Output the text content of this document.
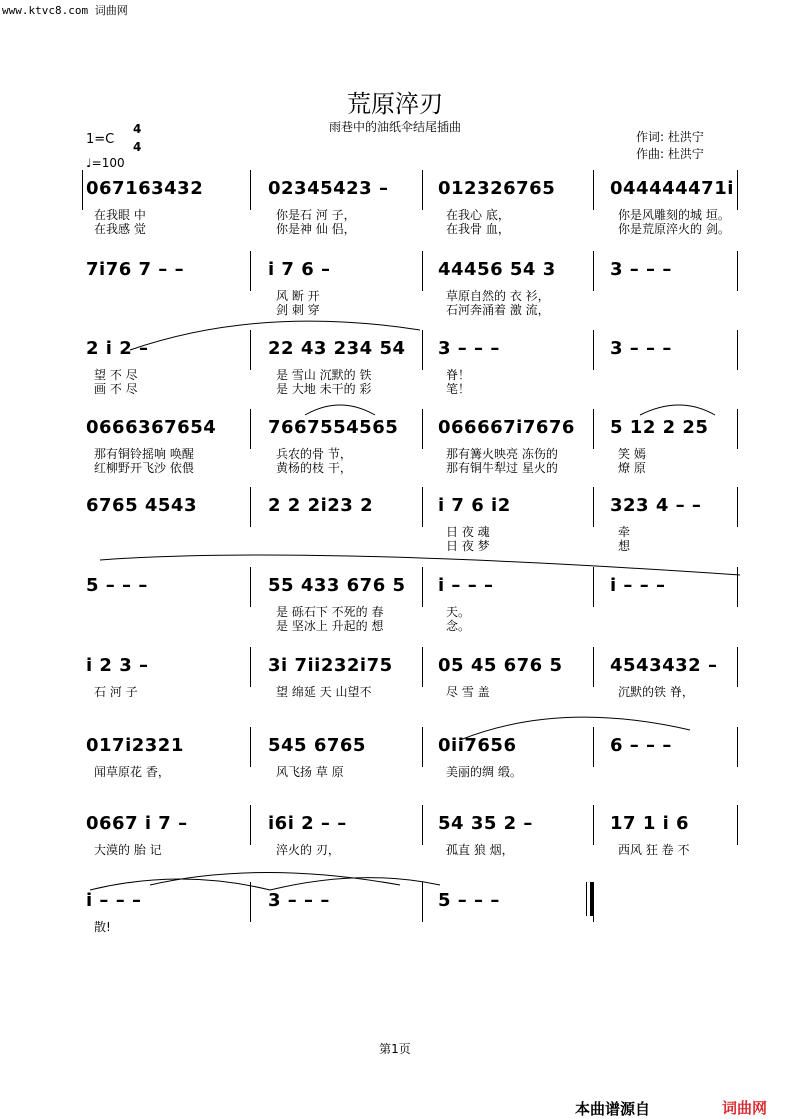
www.ktvc8.com 词曲网
荒原淬刃
雨巷中的油纸伞结尾插曲
作词: 杜洪宁
作曲: 杜洪宁
1=C
4
4
♩=100
067163432
在我眼 中
在我感 觉
02345423 –
你是石 河 子，
你是神 仙 侣，
012326765
在我心 底，
在我骨 血，
044444471i
你是风雕刻的城 垣。
你是荒原淬火的 剑。
7i76 7 – –	i 7 6 –
风 断 开
剑 刺 穿
44456 54 3
草原自然的 衣 衫，
石河奔涌着 激 流，
3 – – –
2 i 2 –
望 不 尽
画 不 尽
22 43 234 54
是 雪山 沉默的 铁
是 大地 未干的 彩
3 – – –
脊！
笔！
3 – – –
0666367654
那有铜铃摇响 唤醒
红柳野开飞沙 依偎
7667554565
兵农的骨 节，
黄杨的枝 干，
066667i7676
那有篝火映亮 冻伤的
那有铜牛犁过 星火的
5 12 2 25
笑 嫣
燎 原
6765 4543	2 2 2i23 2	i 7 6 i2
日 夜 魂
日 夜 梦
323 4 – –
牵
想
5 – – –	55 433 676 5
是 砾石下 不死的 春
是 坚冰上 升起的 想
i – – –
天。
念。
i – – –
i 2 3 –
石 河 子
3i 7ii232i75
望 绵延 天 山望不
05 45 676 5
尽 雪 盖
4543432 –
沉默的铁 脊，
017i2321
闻草原花 香，
545 6765
风飞扬 草 原
0ii7656
美丽的绸 缎。
6 – – –
0667 i 7 –
大漠的 胎 记
i6i 2 – –
淬火的 刃，
54 35 2 –
孤直 狼 烟，
17 1 i 6
西风 狂 卷 不
i – – –
散!
3 – – –	5 – – –
第1页
本曲谱源自	词曲网
